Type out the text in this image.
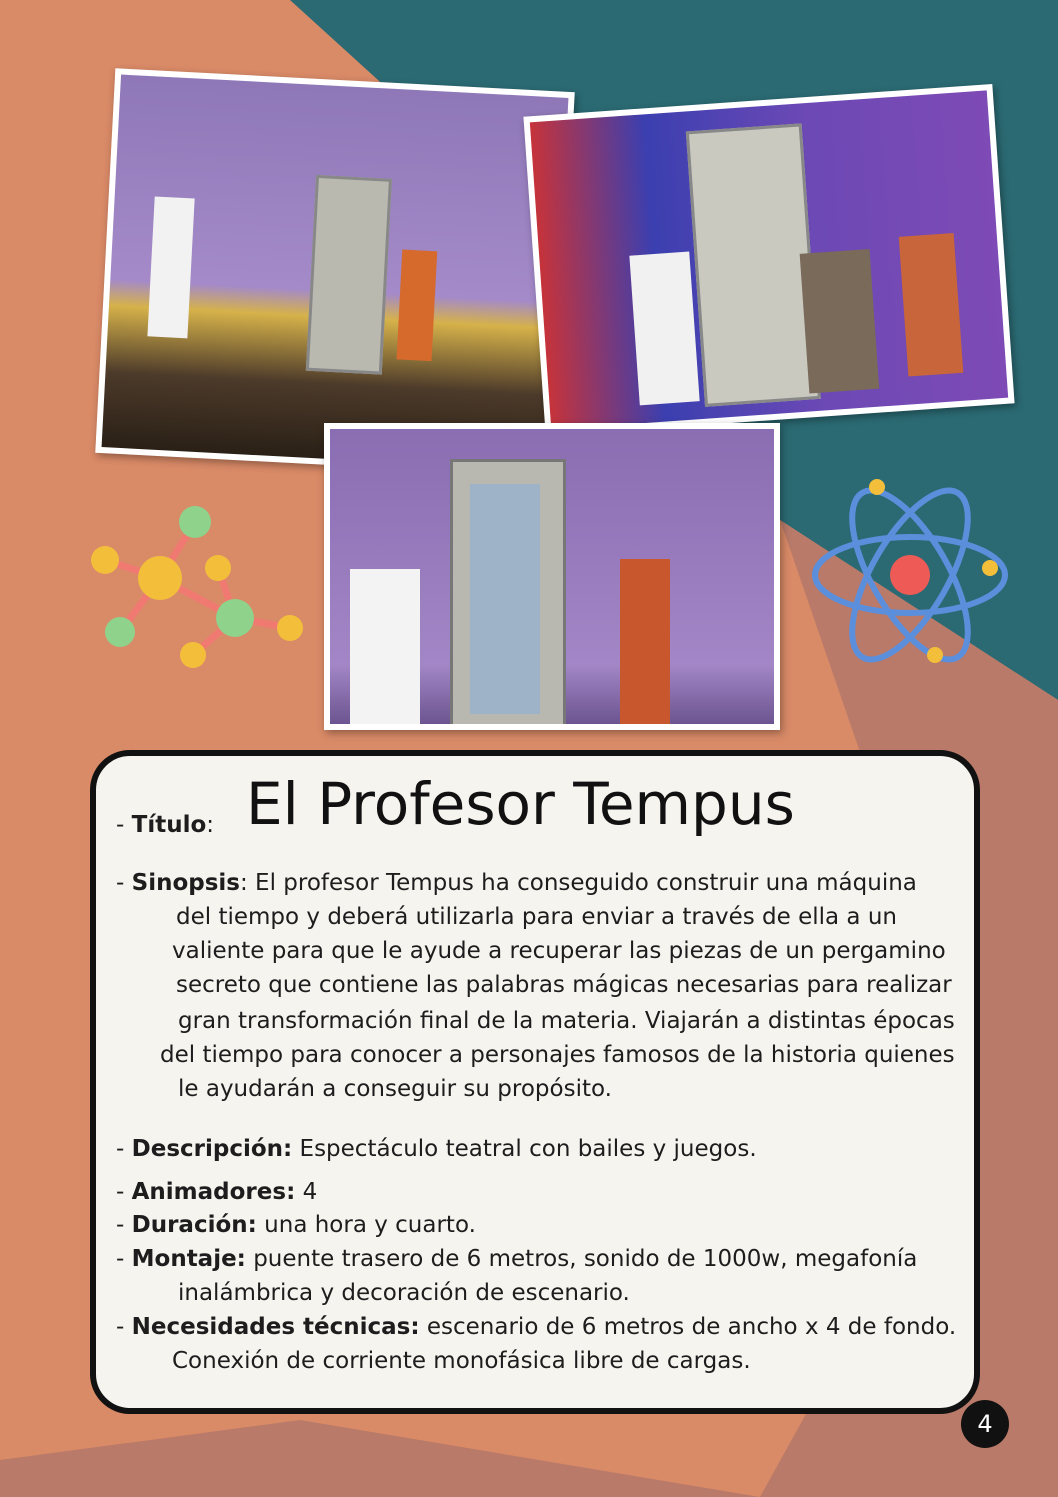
- Título: El Profesor Tempus
- Sinopsis: El profesor Tempus ha conseguido construir una máquina
del tiempo y deberá utilizarla para enviar a través de ella a un
valiente para que le ayude a recuperar las piezas de un pergamino
secreto que contiene las palabras mágicas necesarias para realizar
gran transformación final de la materia. Viajarán a distintas épocas
del tiempo para conocer a personajes famosos de la historia quienes
le ayudarán a conseguir su propósito.
- Descripción: Espectáculo teatral con bailes y juegos.
- Animadores: 4
- Duración: una hora y cuarto.
- Montaje: puente trasero de 6 metros, sonido de 1000w, megafonía
inalámbrica y decoración de escenario.
- Necesidades técnicas: escenario de 6 metros de ancho x 4 de fondo.
Conexión de corriente monofásica libre de cargas.
4
